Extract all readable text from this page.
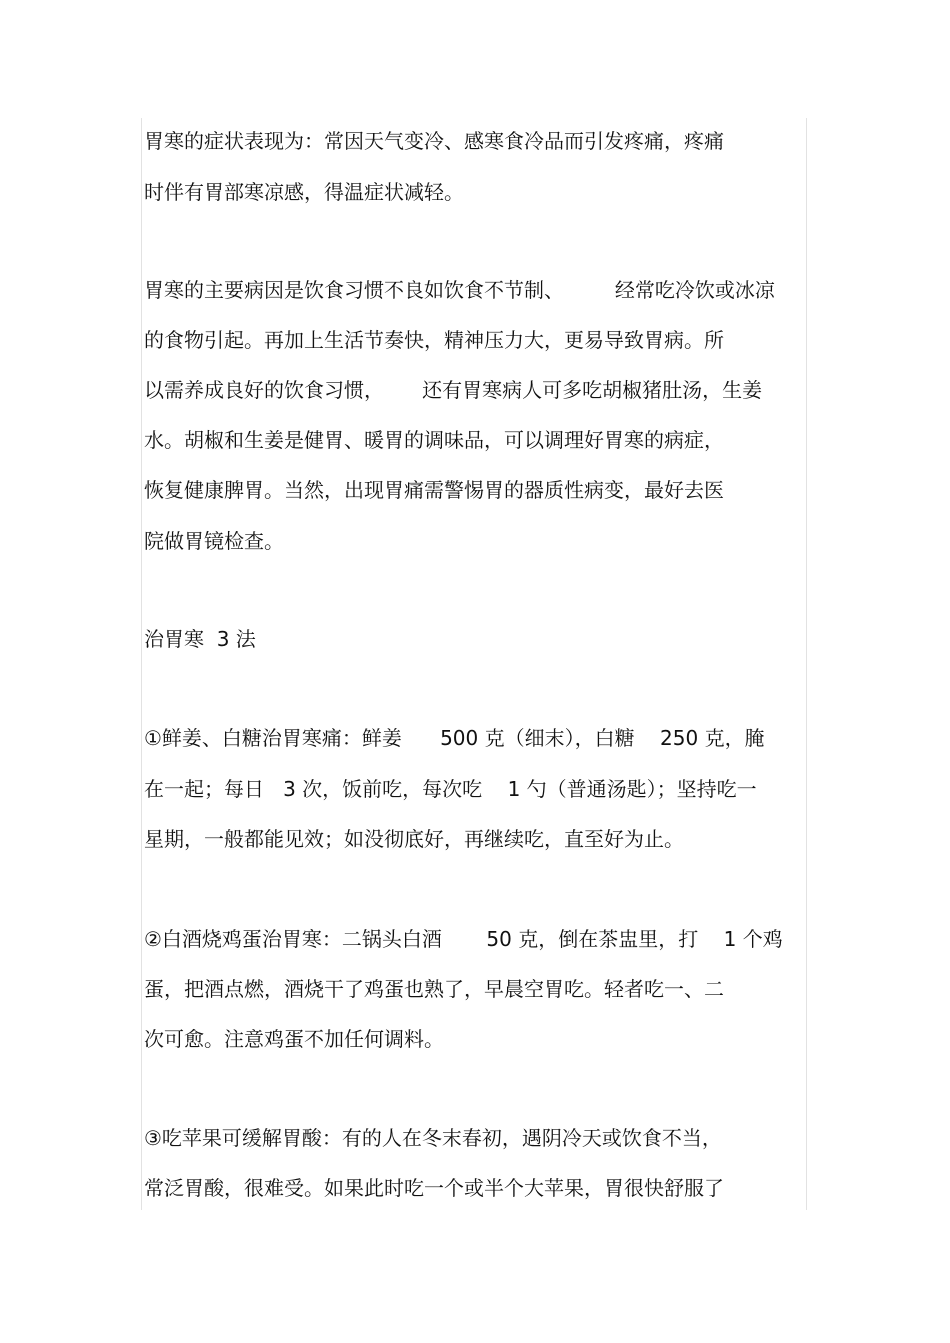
胃寒的症状表现为：常因天气变冷、感寒食冷品而引发疼痛，疼痛
时伴有胃部寒凉感，得温症状减轻。
胃寒的主要病因是饮食习惯不良如饮食不节制、        经常吃冷饮或冰凉
的食物引起。再加上生活节奏快，精神压力大，更易导致胃病。所
以需养成良好的饮食习惯，      还有胃寒病人可多吃胡椒猪肚汤，生姜
水。胡椒和生姜是健胃、暖胃的调味品，可以调理好胃寒的病症，
恢复健康脾胃。当然，出现胃痛需警惕胃的器质性病变，最好去医
院做胃镜检查。
治胃寒  3 法
①鲜姜、白糖治胃寒痛：鲜姜      500 克（细末），白糖    250 克，腌
在一起；每日   3 次，饭前吃，每次吃    1 勺（普通汤匙）；坚持吃一
星期，一般都能见效；如没彻底好，再继续吃，直至好为止。
②白酒烧鸡蛋治胃寒：二锅头白酒       50 克，倒在茶盅里，打    1 个鸡
蛋，把酒点燃，酒烧干了鸡蛋也熟了，早晨空胃吃。轻者吃一、二
次可愈。注意鸡蛋不加任何调料。
③吃苹果可缓解胃酸：有的人在冬末春初，遇阴冷天或饮食不当，
常泛胃酸，很难受。如果此时吃一个或半个大苹果，胃很快舒服了
